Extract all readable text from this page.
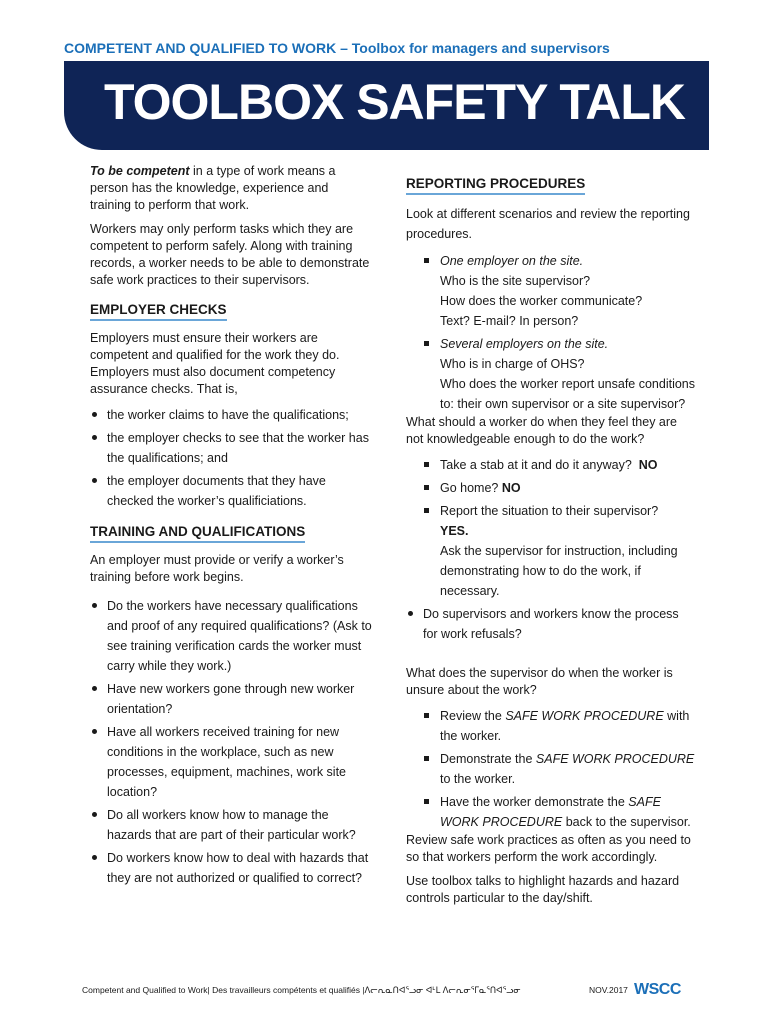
COMPETENT AND QUALIFIED TO WORK – Toolbox for managers and supervisors
TOOLBOX SAFETY TALK

To be competent in a type of work means a person has the knowledge, experience and training to perform that work.

Workers may only perform tasks which they are competent to perform safely. Along with training records, a worker needs to be able to demonstrate safe work practices to their supervisors.

EMPLOYER CHECKS

Employers must ensure their workers are competent and qualified for the work they do. Employers must also document competency assurance checks. That is,

the worker claims to have the qualifications;
the employer checks to see that the worker has the qualifications; and
the employer documents that they have checked the worker’s qualificiations.
TRAINING AND QUALIFICATIONS

An employer must provide or verify a worker’s training before work begins.

Do the workers have necessary qualifications and proof of any required qualifications? (Ask to see training verification cards the worker must carry while they work.)
Have new workers gone through new worker orientation?
Have all workers received training for new conditions in the workplace, such as new processes, equipment, machines, work site location?
Do all workers know how to manage the hazards that are part of their particular work?
Do workers know how to deal with hazards that they are not authorized or qualified to correct?
REPORTING PROCEDURES

Look at different scenarios and review the reporting procedures.

One employer on the site.
Who is the site supervisor?
How does the worker communicate?
Text? E-mail? In person?
Several employers on the site.
Who is in charge of OHS?
Who does the worker report unsafe conditions to: their own supervisor or a site supervisor?

What should a worker do when they feel they are not knowledgeable enough to do the work?

Take a stab at it and do it anyway? NO
Go home? NO
Report the situation to their supervisor?
YES.
Ask the supervisor for instruction, including demonstrating how to do the work, if necessary.
Do supervisors and workers know the process for work refusals?

What does the supervisor do when the worker is unsure about the work?

Review the SAFE WORK PROCEDURE with the worker.
Demonstrate the SAFE WORK PROCEDURE to the worker.
Have the worker demonstrate the SAFE WORK PROCEDURE back to the supervisor.

Review safe work practices as often as you need to so that workers perform the work accordingly.

Use toolbox talks to highlight hazards and hazard controls particular to the day/shift.

Competent and Qualified to Work| Des travailleurs compétents et qualifiés |ᐱᓕᕆᓇᑎᐊᕐᓗᓂ ᐊᒻᒪ ᐱᓕᕆᓂᕐᒥᓇᕐᑎᐊᕐᓗᓂ	NOV.2017 WSCC
